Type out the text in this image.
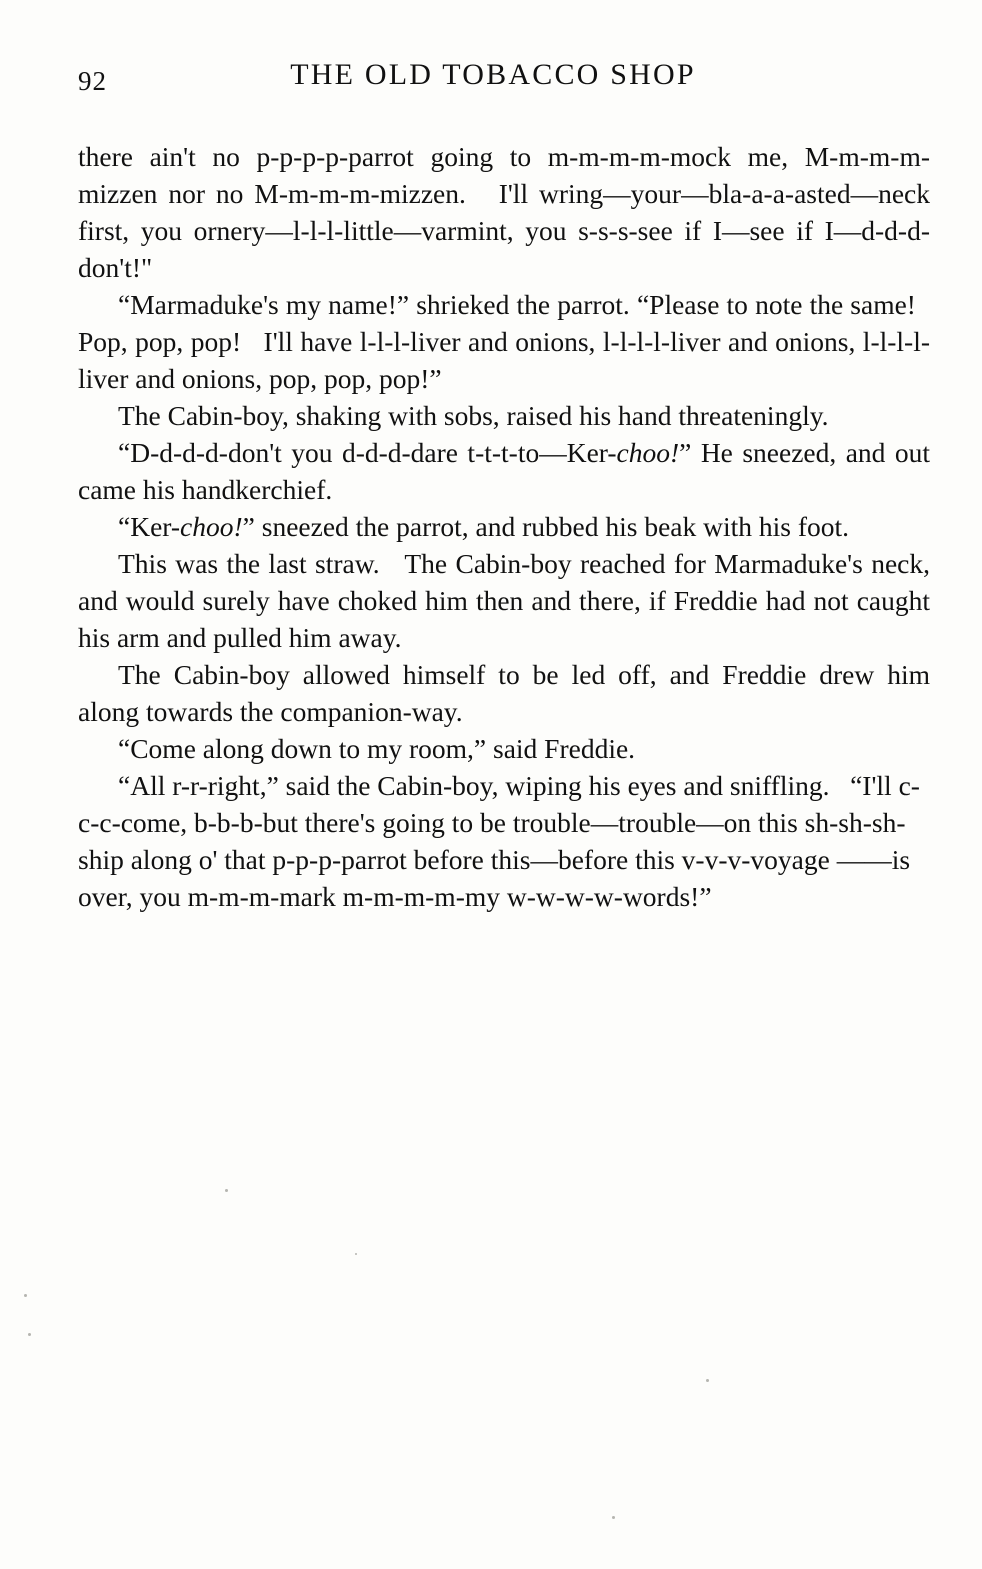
92	THE OLD TOBACCO SHOP

there ain't no p-p-p-p-parrot going to m-m-m-m-mock me, M-m-m-m-mizzen nor no M-m-m-m-mizzen.   I'll wring—your—bla-a-a-asted—neck first, you ornery—l-l-l-little—varmint, you s-s-s-see if I—see if I—d-d-d-don't!"

“Marmaduke's my name!” shrieked the parrot. “Please to note the same!   Pop, pop, pop!   I'll have l-l-l-liver and onions, l-l-l-l-liver and onions, l-l-l-l-liver and onions, pop, pop, pop!”

The Cabin-boy, shaking with sobs, raised his hand threateningly.

“D-d-d-d-don't you d-d-d-dare t-t-t-to—Ker-choo!” He sneezed, and out came his handkerchief.

“Ker-choo!” sneezed the parrot, and rubbed his beak with his foot.

This was the last straw.   The Cabin-boy reached for Marmaduke's neck, and would surely have choked him then and there, if Freddie had not caught his arm and pulled him away.

The Cabin-boy allowed himself to be led off, and Freddie drew him along towards the companion-way.

“Come along down to my room,” said Freddie.

“All r-r-right,” said the Cabin-boy, wiping his eyes and sniffling.   “I'll c-c-c-come, b-b-b-but there's going to be trouble—trouble—on this sh-sh-sh-ship along o' that p-p-p-parrot before this—before this v-v-v-voyage ——is over, you m-m-m-mark m-m-m-m-my w-w-w-w-words!”
